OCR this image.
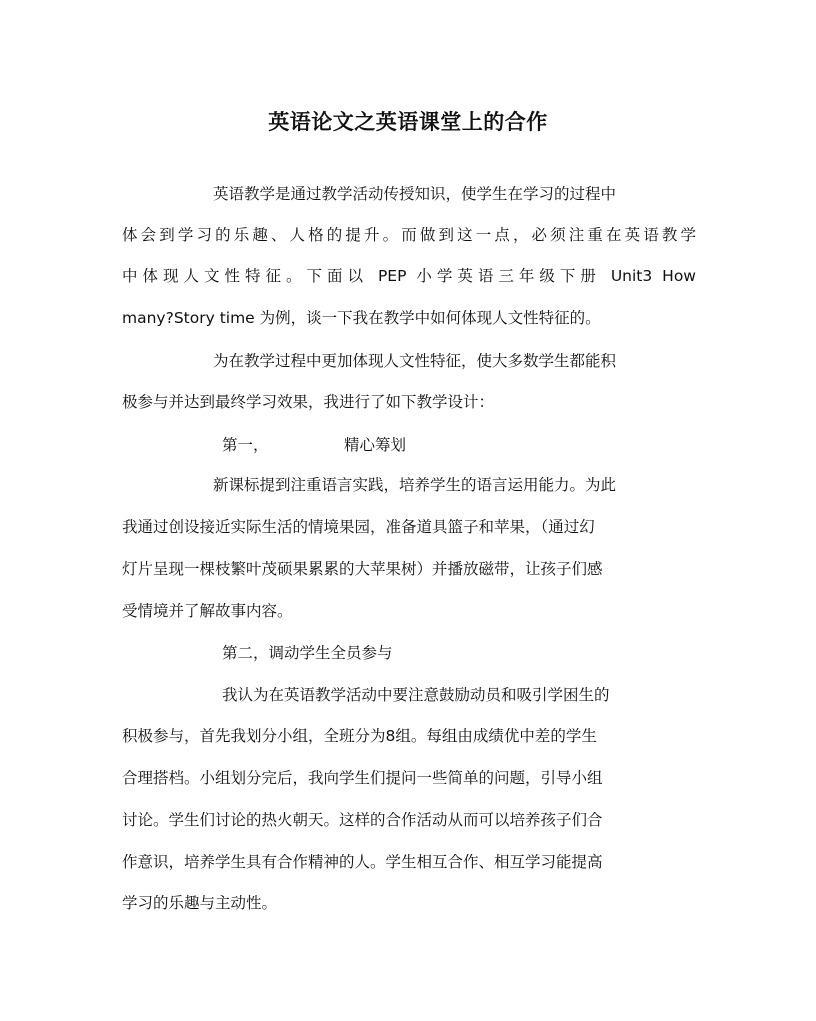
英语论文之英语课堂上的合作
英语教学是通过教学活动传授知识，使学生在学习的过程中
体会到学习的乐趣、人格的提升。而做到这一点，必须注重在英语教学
中体现人文性特征。下面以 PEP 小学英语三年级下册 Unit3 How
many?Story time 为例，谈一下我在教学中如何体现人文性特征的。
为在教学过程中更加体现人文性特征，使大多数学生都能积
极参与并达到最终学习效果，我进行了如下教学设计：
第一，	精心筹划
新课标提到注重语言实践，培养学生的语言运用能力。为此
我通过创设接近实际生活的情境果园，准备道具篮子和苹果，（通过幻
灯片呈现一棵枝繁叶茂硕果累累的大苹果树）并播放磁带，让孩子们感
受情境并了解故事内容。
第二，调动学生全员参与
我认为在英语教学活动中要注意鼓励动员和吸引学困生的
积极参与，首先我划分小组，全班分为8组。每组由成绩优中差的学生
合理搭档。小组划分完后，我向学生们提问一些简单的问题，引导小组
讨论。学生们讨论的热火朝天。这样的合作活动从而可以培养孩子们合
作意识，培养学生具有合作精神的人。学生相互合作、相互学习能提高
学习的乐趣与主动性。
